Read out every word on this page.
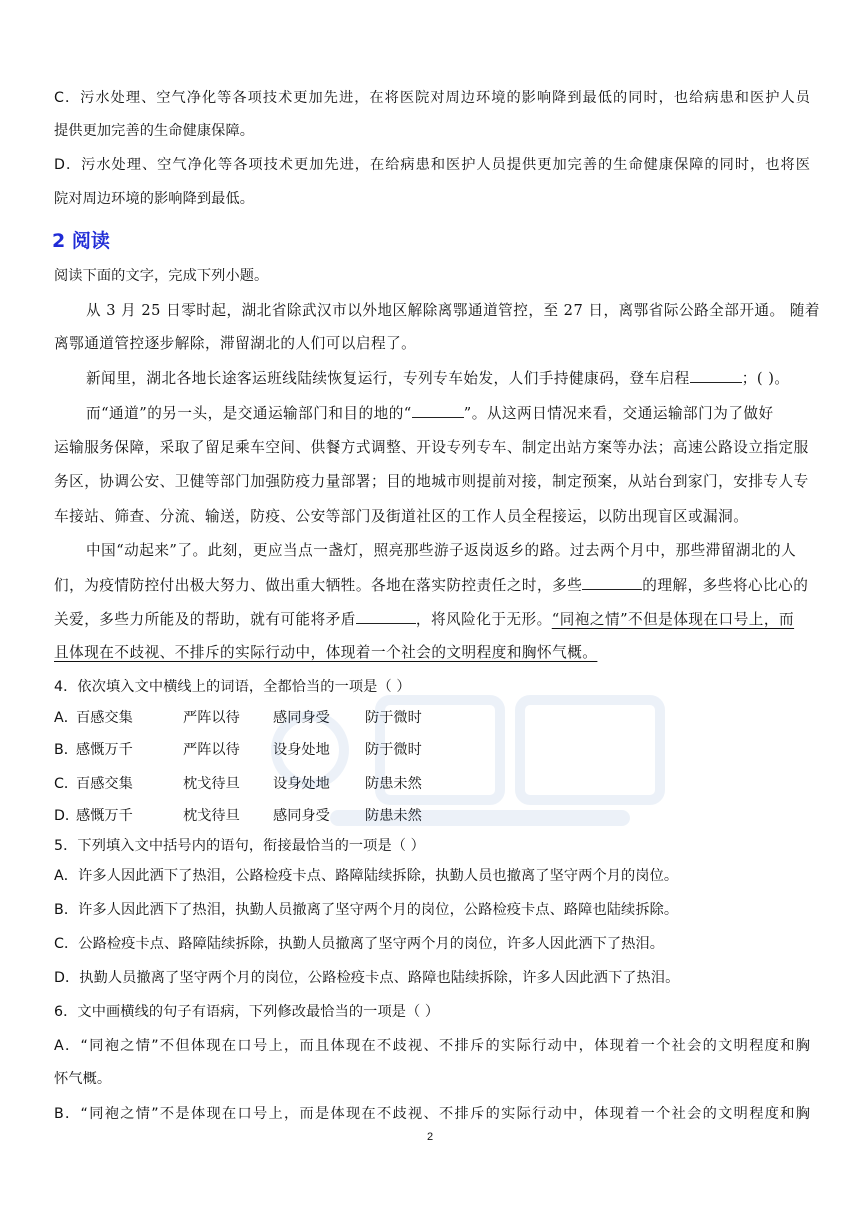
C．污水处理、空气净化等各项技术更加先进，在将医院对周边环境的影响降到最低的同时，也给病患和医护人员
提供更加完善的生命健康保障。
D．污水处理、空气净化等各项技术更加先进，在给病患和医护人员提供更加完善的生命健康保障的同时，也将医
院对周边环境的影响降到最低。
2 阅读
阅读下面的文字，完成下列小题。
从 3 月 25 日零时起，湖北省除武汉市以外地区解除离鄂通道管控，至 27 日，离鄂省际公路全部开通。 随着
离鄂通道管控逐步解除，滞留湖北的人们可以启程了。
新闻里，湖北各地长途客运班线陆续恢复运行，专列专车始发，人们手持健康码，登车启程	；( )。
而“通道”的另一头，是交通运输部门和目的地的“	”。从这两日情况来看，交通运输部门为了做好
运输服务保障，采取了留足乘车空间、供餐方式调整、开设专列专车、制定出站方案等办法；高速公路设立指定服
务区，协调公安、卫健等部门加强防疫力量部署；目的地城市则提前对接，制定预案，从站台到家门，安排专人专
车接站、筛查、分流、输送，防疫、公安等部门及街道社区的工作人员全程接运，以防出现盲区或漏洞。
中国“动起来”了。此刻，更应当点一盏灯，照亮那些游子返岗返乡的路。过去两个月中，那些滞留湖北的人
们，为疫情防控付出极大努力、做出重大牺牲。各地在落实防控责任之时，多些	的理解，多些将心比心的
关爱，多些力所能及的帮助，就有可能将矛盾	，将风险化于无形。“同袍之情”不但是体现在口号上，而
且体现在不歧视、不排斥的实际行动中，体现着一个社会的文明程度和胸怀气概。
4．依次填入文中横线上的词语，全都恰当的一项是（ ）
A．
百感交集	严阵以待 感同身受 防于微时
B．
感慨万千	严阵以待 设身处地 防于微时
C．
百感交集	枕戈待旦 设身处地 防患未然
D．
感慨万千	枕戈待旦 感同身受 防患未然
5．下列填入文中括号内的语句，衔接最恰当的一项是（ ）
A．许多人因此洒下了热泪，公路检疫卡点、路障陆续拆除，执勤人员也撤离了坚守两个月的岗位。
B．许多人因此洒下了热泪，执勤人员撤离了坚守两个月的岗位，公路检疫卡点、路障也陆续拆除。
C．公路检疫卡点、路障陆续拆除，执勤人员撤离了坚守两个月的岗位，许多人因此洒下了热泪。
D．执勤人员撤离了坚守两个月的岗位，公路检疫卡点、路障也陆续拆除，许多人因此洒下了热泪。
6．文中画横线的句子有语病，下列修改最恰当的一项是（ ）
A．“同袍之情”不但体现在口号上，而且体现在不歧视、不排斥的实际行动中，体现着一个社会的文明程度和胸
怀气概。
B．“同袍之情”不是体现在口号上，而是体现在不歧视、不排斥的实际行动中，体现着一个社会的文明程度和胸
2
